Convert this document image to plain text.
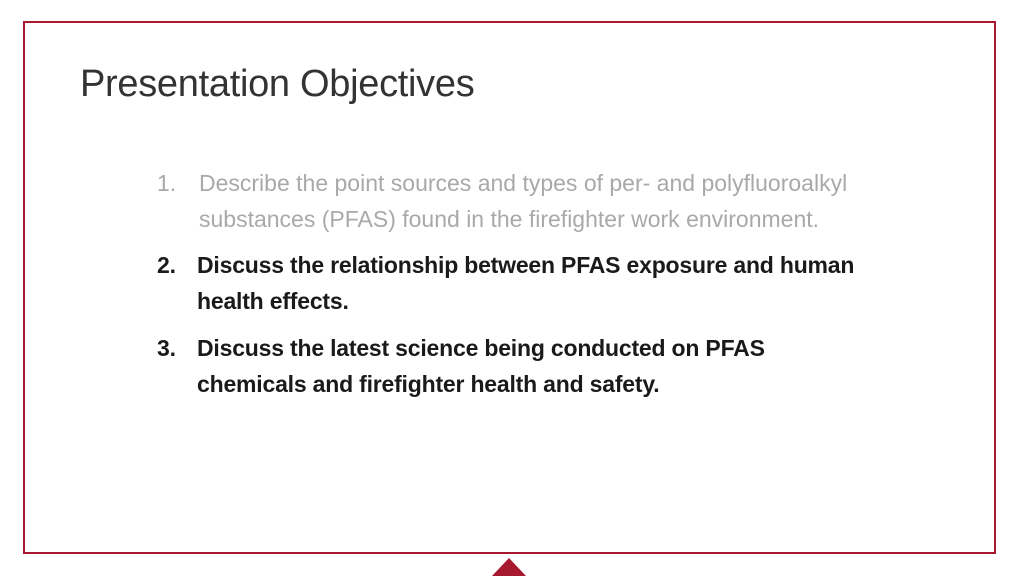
Presentation Objectives
1. Describe the point sources and types of per- and polyfluoroalkyl substances (PFAS) found in the firefighter work environment.
2. Discuss the relationship between PFAS exposure and human health effects.
3. Discuss the latest science being conducted on PFAS chemicals and firefighter health and safety.
